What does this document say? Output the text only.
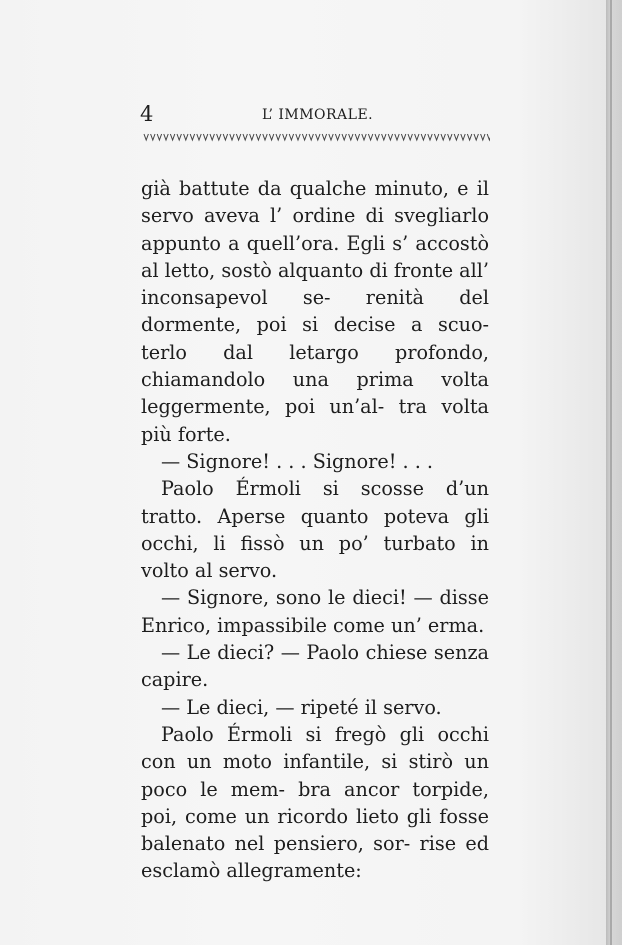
4	L’ IMMORALE.

già battute da qualche minuto, e il servo aveva l’ ordine di svegliarlo appunto a quell’ora. Egli s’ accostò al letto, sostò alquanto di fronte all’ inconsapevol se- renità del dormente, poi si decise a scuo- terlo dal letargo profondo, chiamandolo una prima volta leggermente, poi un’al- tra volta più forte.

— Signore! . . . Signore! . . .

Paolo Érmoli si scosse d’un tratto. Aperse quanto poteva gli occhi, li fissò un po’ turbato in volto al servo.

— Signore, sono le dieci! — disse Enrico, impassibile come un’ erma.

— Le dieci? — Paolo chiese senza capire.

— Le dieci, — ripeté il servo.

Paolo Érmoli si fregò gli occhi con un moto infantile, si stirò un poco le mem- bra ancor torpide, poi, come un ricordo lieto gli fosse balenato nel pensiero, sor- rise ed esclamò allegramente:
